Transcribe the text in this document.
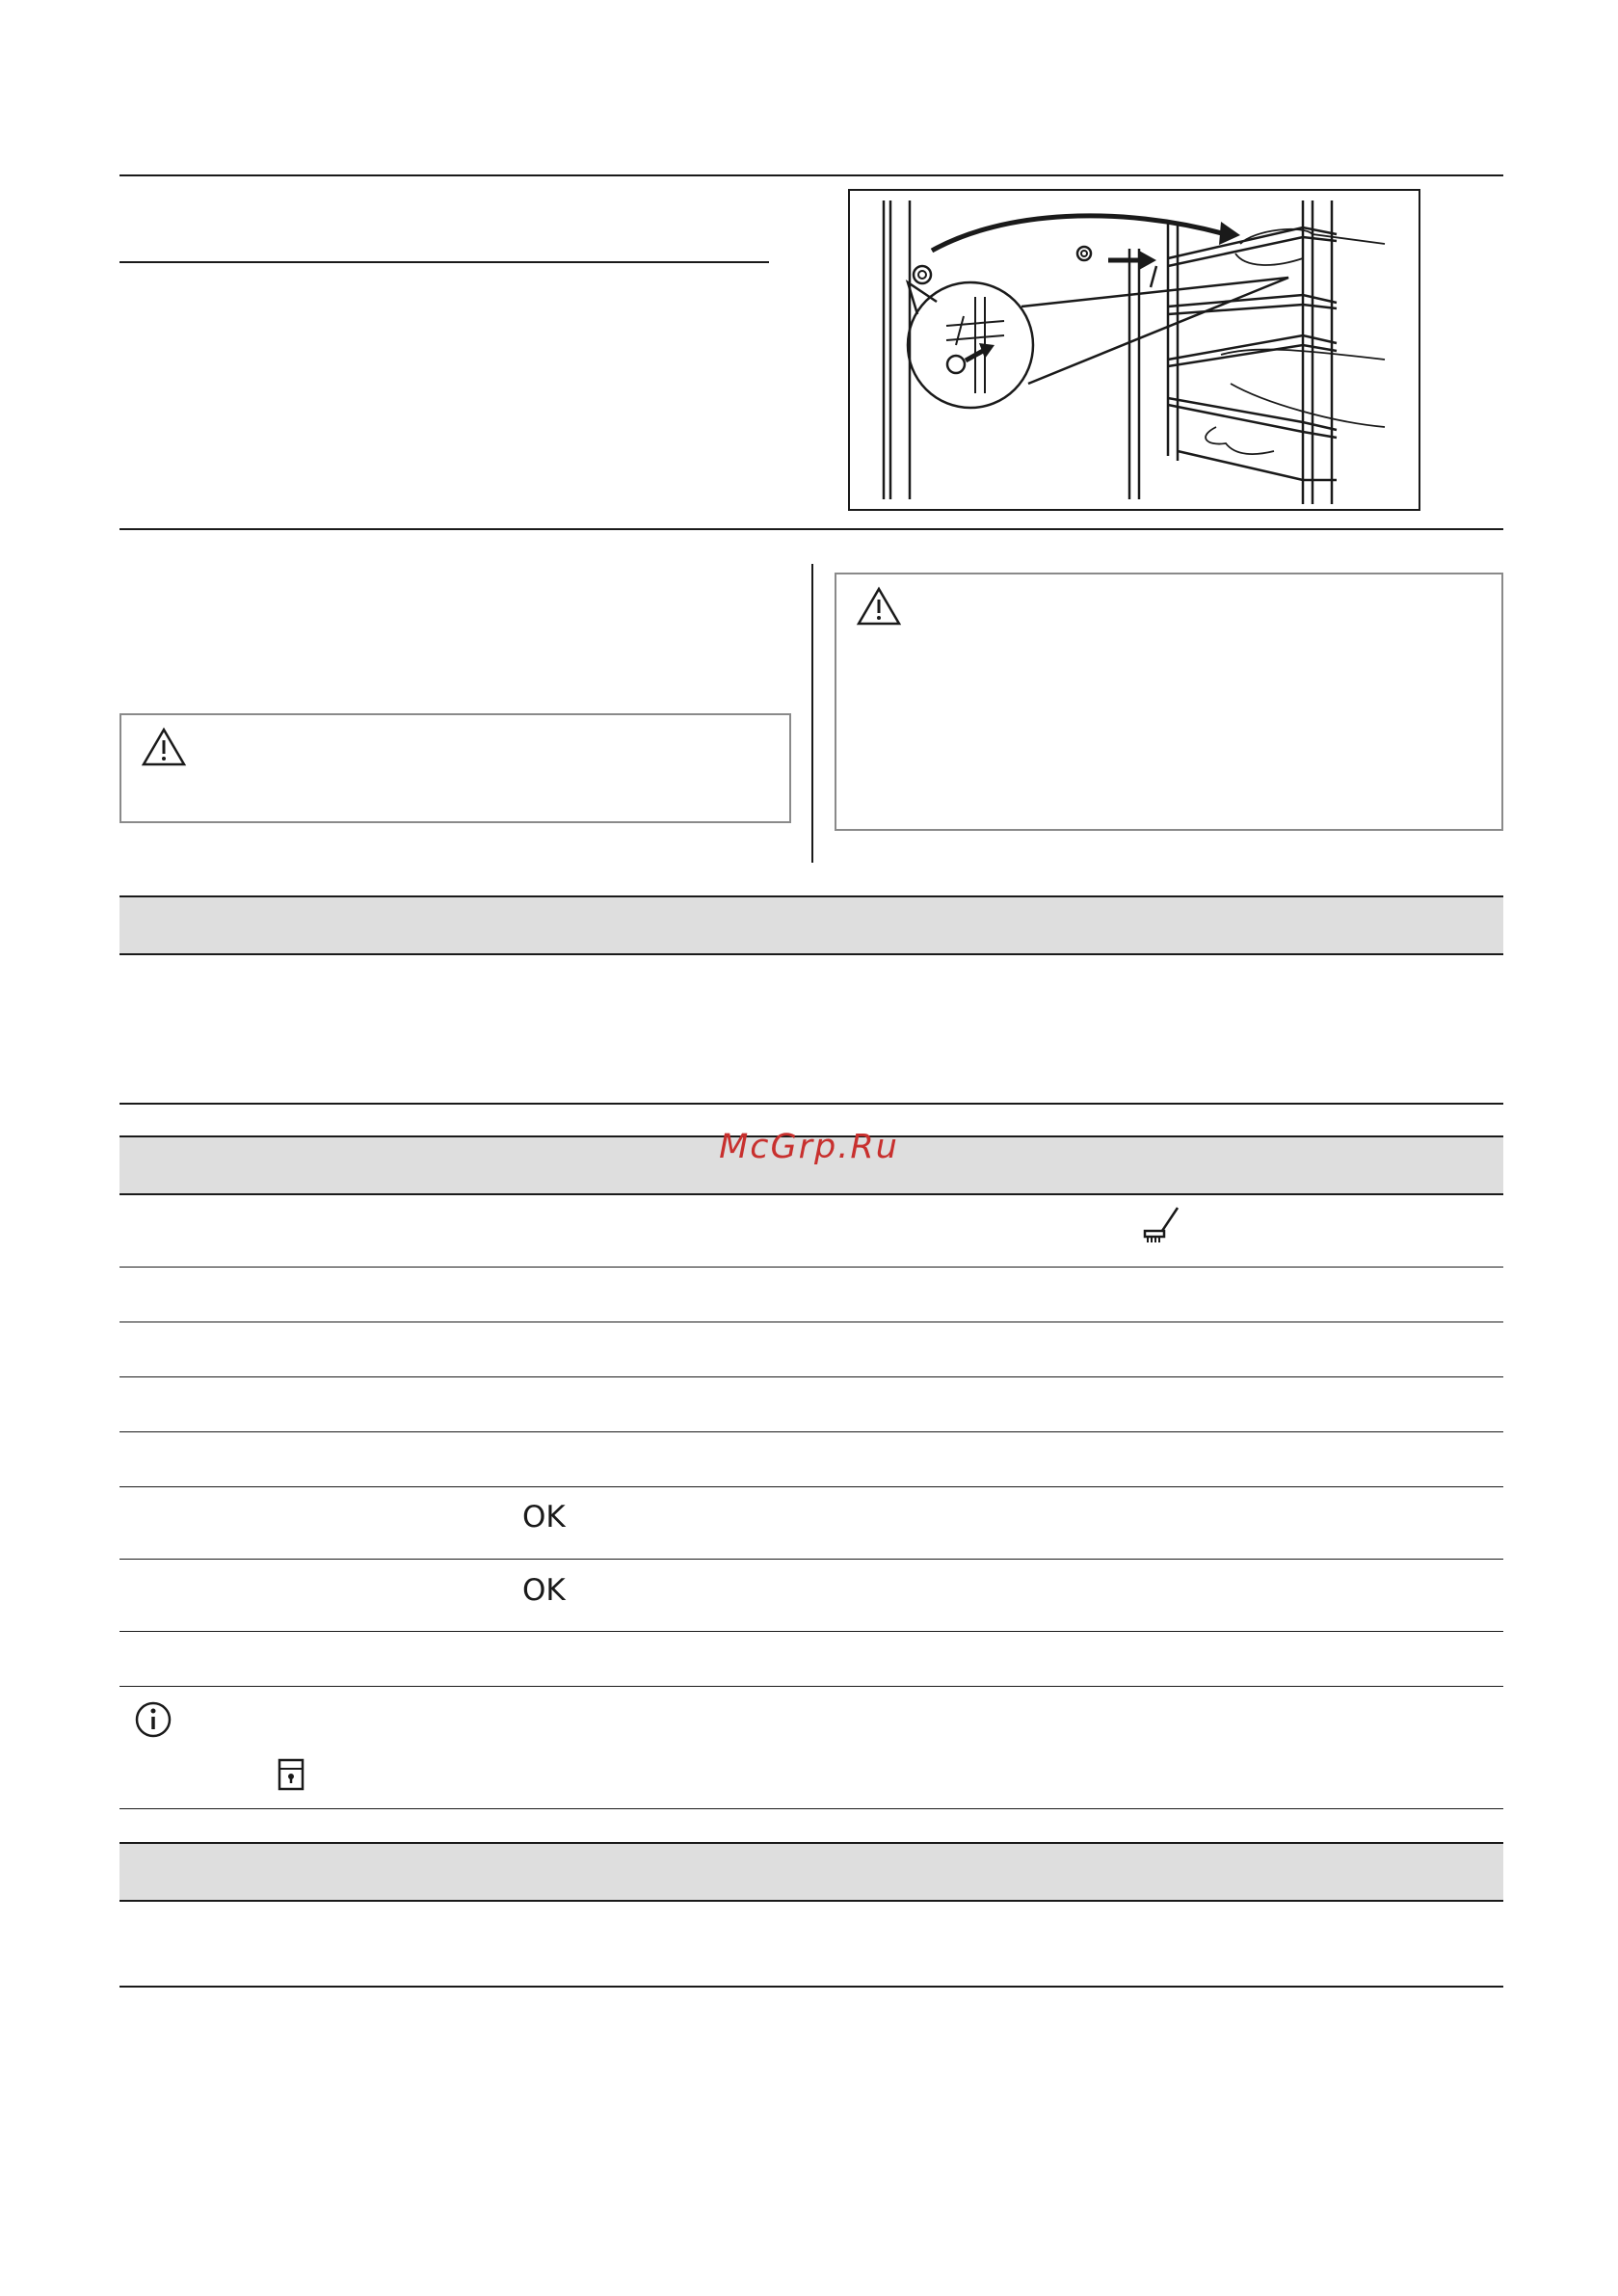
McGrp.Ru
OK
OK
